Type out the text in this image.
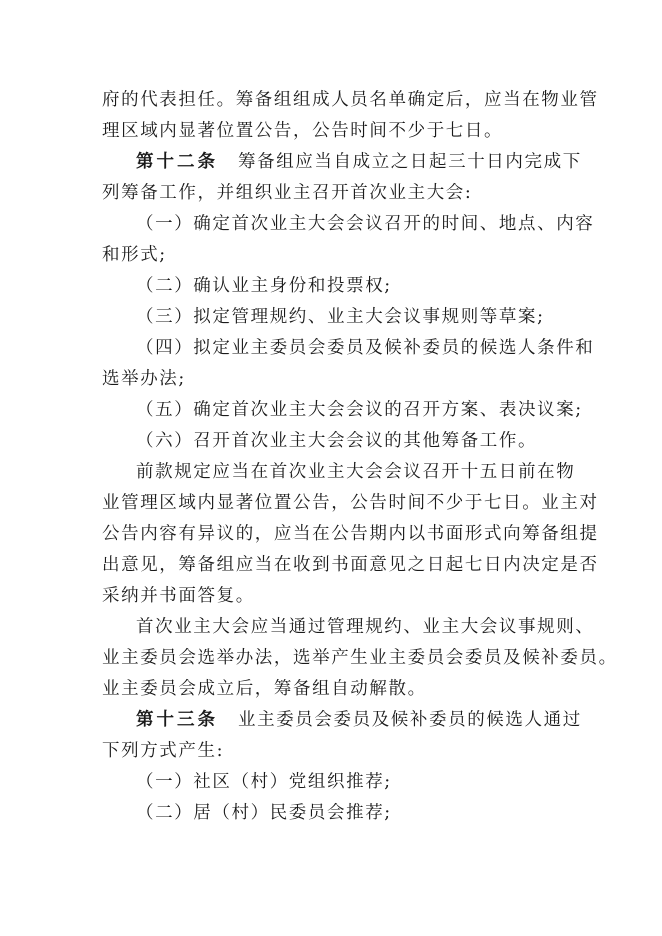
府的代表担任。筹备组组成人员名单确定后，应当在物业管
理区域内显著位置公告，公告时间不少于七日。
第十二条 筹备组应当自成立之日起三十日内完成下
列筹备工作，并组织业主召开首次业主大会:
（一）确定首次业主大会会议召开的时间、地点、内容
和形式;
（二）确认业主身份和投票权;
（三）拟定管理规约、业主大会议事规则等草案;
（四）拟定业主委员会委员及候补委员的候选人条件和
选举办法;
（五）确定首次业主大会会议的召开方案、表决议案;
（六）召开首次业主大会会议的其他筹备工作。
前款规定应当在首次业主大会会议召开十五日前在物
业管理区域内显著位置公告，公告时间不少于七日。业主对
公告内容有异议的，应当在公告期内以书面形式向筹备组提
出意见，筹备组应当在收到书面意见之日起七日内决定是否
采纳并书面答复。
首次业主大会应当通过管理规约、业主大会议事规则、
业主委员会选举办法，选举产生业主委员会委员及候补委员。
业主委员会成立后，筹备组自动解散。
第十三条 业主委员会委员及候补委员的候选人通过
下列方式产生:
（一）社区（村）党组织推荐;
（二）居（村）民委员会推荐;
